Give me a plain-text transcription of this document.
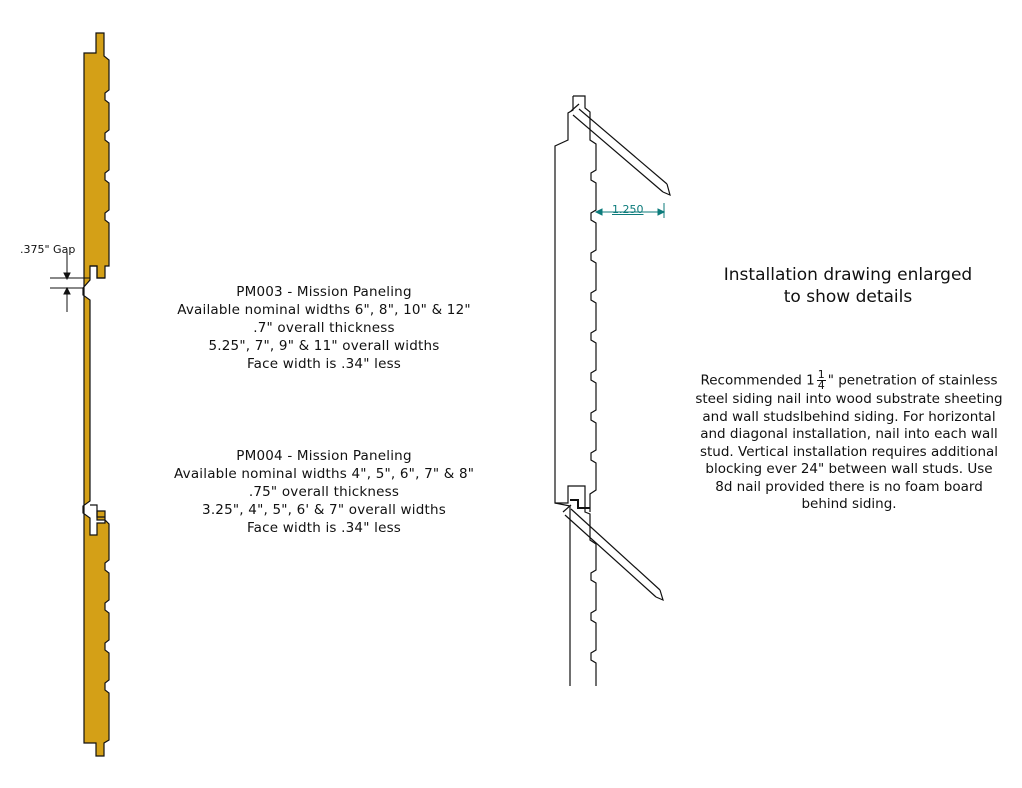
.375" Gap
1.250
PM003 - Mission Paneling
Available nominal widths 6", 8", 10" & 12"
.7" overall thickness
5.25", 7", 9" & 11" overall widths
Face width is .34" less
PM004 - Mission Paneling
Available nominal widths 4", 5", 6", 7" & 8"
.75" overall thickness
3.25", 4", 5", 6' & 7" overall widths
Face width is .34" less
Installation drawing enlarged
to show details
Recommended $1 \frac{1}{4}$ " penetration of stainless
steel siding nail into wood substrate sheeting
and wall studslbehind siding. For horizontal
and diagonal installation, nail into each wall
stud. Vertical installation requires additional
blocking ever 24" between wall studs. Use
8d nail provided there is no foam board
behind siding.
